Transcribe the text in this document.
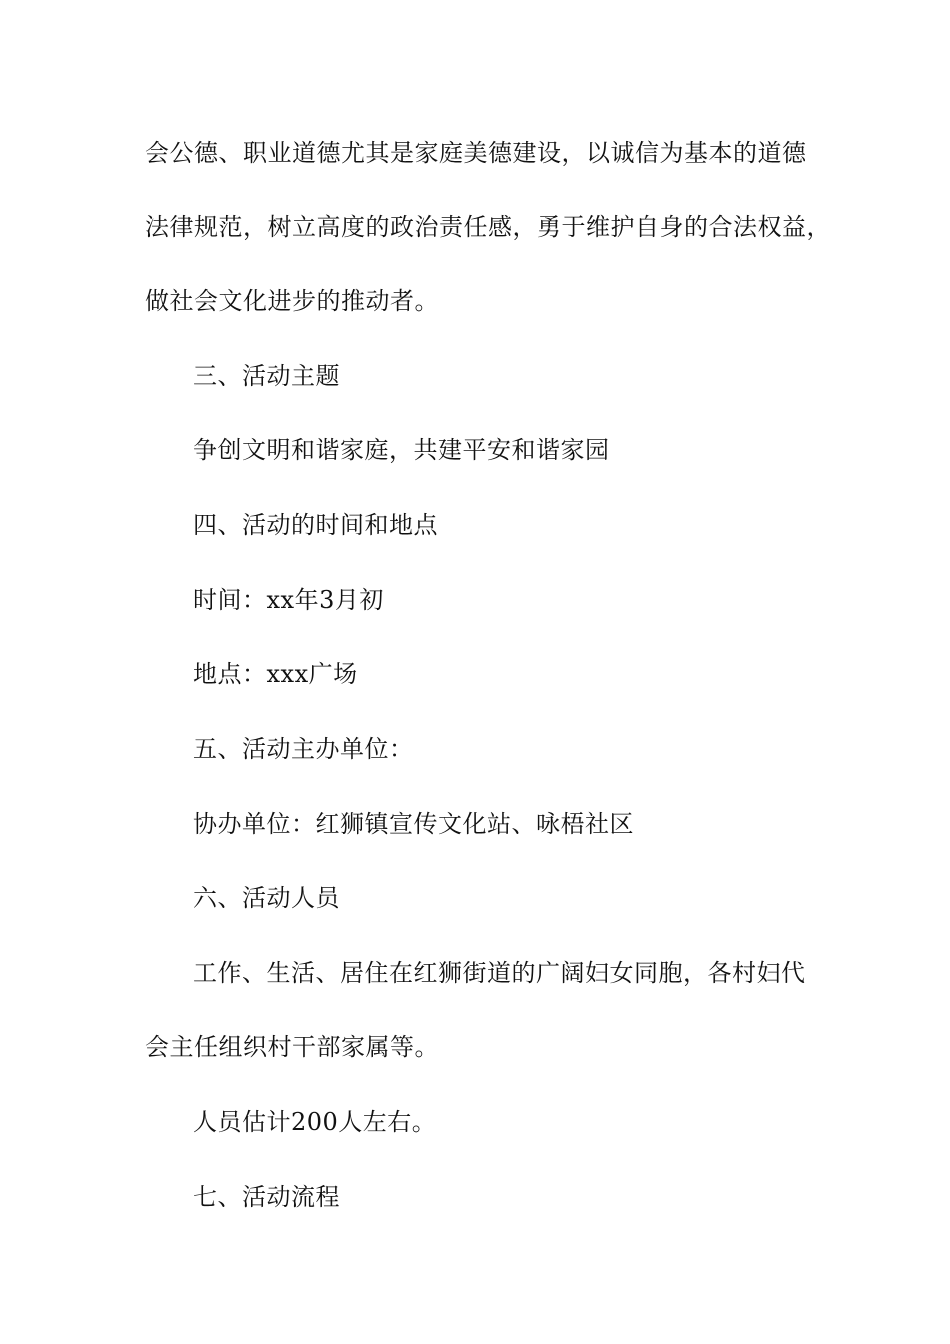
会公德、职业道德尤其是家庭美德建设，以诚信为基本的道德
法律规范，树立高度的政治责任感，勇于维护自身的合法权益，
做社会文化进步的推动者。
三、活动主题
争创文明和谐家庭，共建平安和谐家园
四、活动的时间和地点
时间：xx年3月初
地点：xxx广场
五、活动主办单位：
协办单位：红狮镇宣传文化站、咏梧社区
六、活动人员
工作、生活、居住在红狮街道的广阔妇女同胞，各村妇代
会主任组织村干部家属等。
人员估计200人左右。
七、活动流程
